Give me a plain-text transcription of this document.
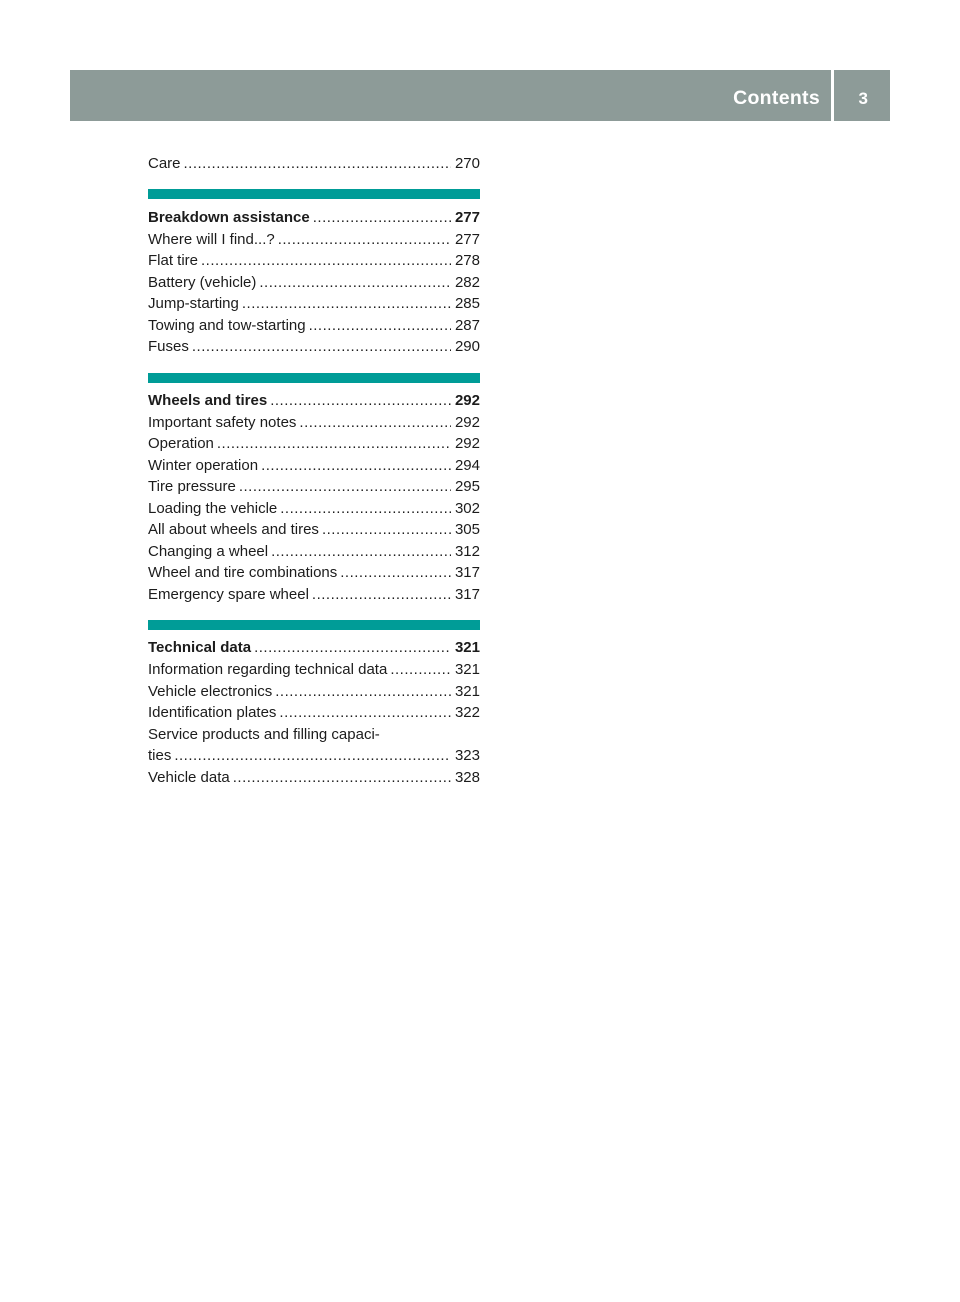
Contents 3
Care .....	270
Breakdown assistance .....	277
Where will I find...? .....	277
Flat tire .....	278
Battery (vehicle) .....	282
Jump-starting .....	285
Towing and tow-starting .....	287
Fuses .....	290
Wheels and tires .....	292
Important safety notes .....	292
Operation .....	292
Winter operation .....	294
Tire pressure .....	295
Loading the vehicle .....	302
All about wheels and tires .....	305
Changing a wheel .....	312
Wheel and tire combinations .....	317
Emergency spare wheel .....	317
Technical data .....	321
Information regarding technical data .....	321
Vehicle electronics .....	321
Identification plates .....	322
Service products and filling capaci-
ties .....	323
Vehicle data .....	328
